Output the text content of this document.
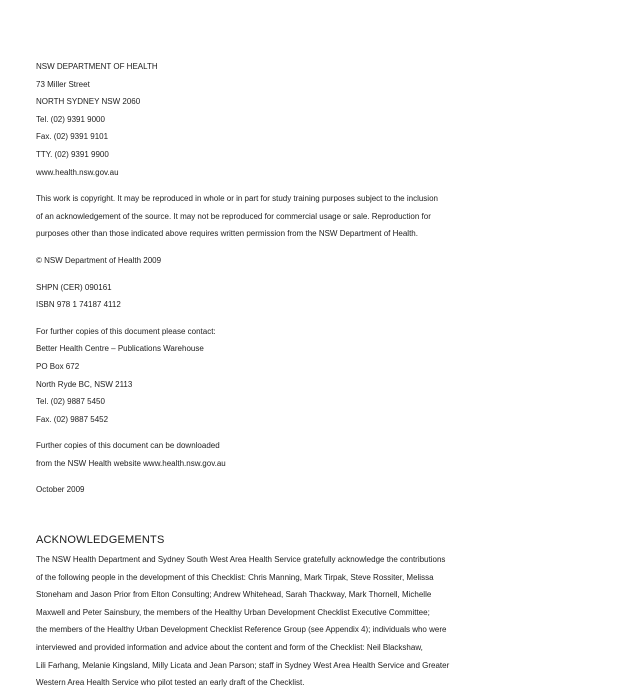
NSW DEPARTMENT OF HEALTH
73 Miller Street
NORTH SYDNEY NSW 2060
Tel. (02) 9391 9000
Fax. (02) 9391 9101
TTY. (02) 9391 9900
www.health.nsw.gov.au
This work is copyright. It may be reproduced in whole or in part for study training purposes subject to the inclusion
of an acknowledgement of the source. It may not be reproduced for commercial usage or sale. Reproduction for
purposes other than those indicated above requires written permission from the NSW Department of Health.
© NSW Department of Health 2009
SHPN (CER) 090161
ISBN 978 1 74187 4112
For further copies of this document please contact:
Better Health Centre – Publications Warehouse
PO Box 672
North Ryde BC, NSW 2113
Tel. (02) 9887 5450
Fax. (02) 9887 5452
Further copies of this document can be downloaded
from the NSW Health website www.health.nsw.gov.au
October 2009
ACKNOWLEDGEMENTS
The NSW Health Department and Sydney South West Area Health Service gratefully acknowledge the contributions
of the following people in the development of this Checklist: Chris Manning, Mark Tirpak, Steve Rossiter, Melissa
Stoneham and Jason Prior from Elton Consulting; Andrew Whitehead, Sarah Thackway, Mark Thornell, Michelle
Maxwell and Peter Sainsbury, the members of the Healthy Urban Development Checklist Executive Committee;
the members of the Healthy Urban Development Checklist Reference Group (see Appendix 4); individuals who were
interviewed and provided information and advice about the content and form of the Checklist: Neil Blackshaw,
Lili Farhang, Melanie Kingsland, Milly Licata and Jean Parson; staff in Sydney West Area Health Service and Greater
Western Area Health Service who pilot tested an early draft of the Checklist.
